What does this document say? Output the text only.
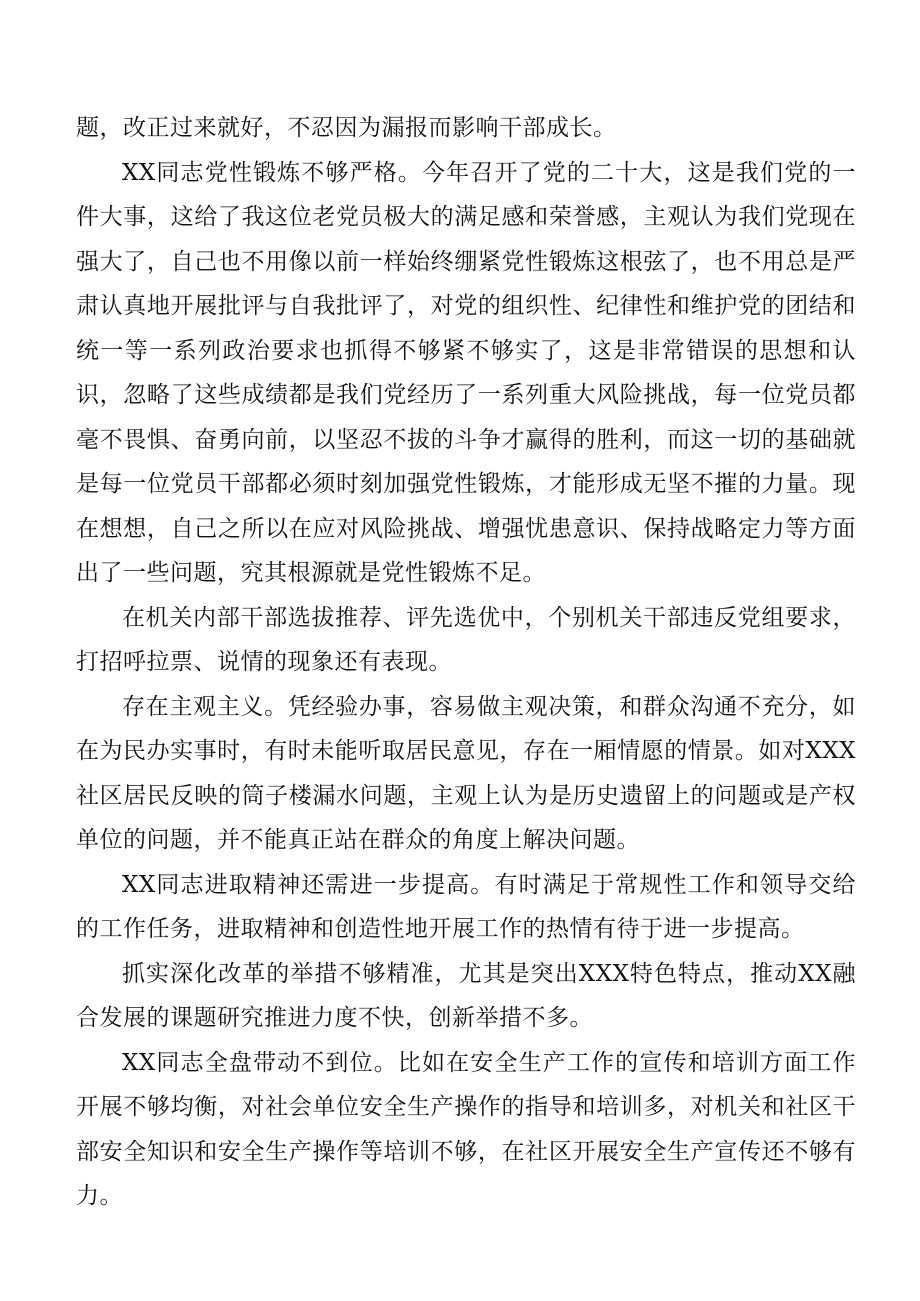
题，改正过来就好，不忍因为漏报而影响干部成长。

XX同志党性锻炼不够严格。今年召开了党的二十大，这是我们党的一件大事，这给了我这位老党员极大的满足感和荣誉感，主观认为我们党现在强大了，自己也不用像以前一样始终绷紧党性锻炼这根弦了，也不用总是严肃认真地开展批评与自我批评了，对党的组织性、纪律性和维护党的团结和统一等一系列政治要求也抓得不够紧不够实了，这是非常错误的思想和认识，忽略了这些成绩都是我们党经历了一系列重大风险挑战，每一位党员都毫不畏惧、奋勇向前，以坚忍不拔的斗争才赢得的胜利，而这一切的基础就是每一位党员干部都必须时刻加强党性锻炼，才能形成无坚不摧的力量。现在想想，自己之所以在应对风险挑战、增强忧患意识、保持战略定力等方面出了一些问题，究其根源就是党性锻炼不足。

在机关内部干部选拔推荐、评先选优中，个别机关干部违反党组要求，打招呼拉票、说情的现象还有表现。

存在主观主义。凭经验办事，容易做主观决策，和群众沟通不充分，如在为民办实事时，有时未能听取居民意见，存在一厢情愿的情景。如对XXX社区居民反映的筒子楼漏水问题，主观上认为是历史遗留上的问题或是产权单位的问题，并不能真正站在群众的角度上解决问题。

XX同志进取精神还需进一步提高。有时满足于常规性工作和领导交给的工作任务，进取精神和创造性地开展工作的热情有待于进一步提高。

抓实深化改革的举措不够精准，尤其是突出XXX特色特点，推动XX融合发展的课题研究推进力度不快，创新举措不多。

XX同志全盘带动不到位。比如在安全生产工作的宣传和培训方面工作开展不够均衡，对社会单位安全生产操作的指导和培训多，对机关和社区干部安全知识和安全生产操作等培训不够，在社区开展安全生产宣传还不够有力。
